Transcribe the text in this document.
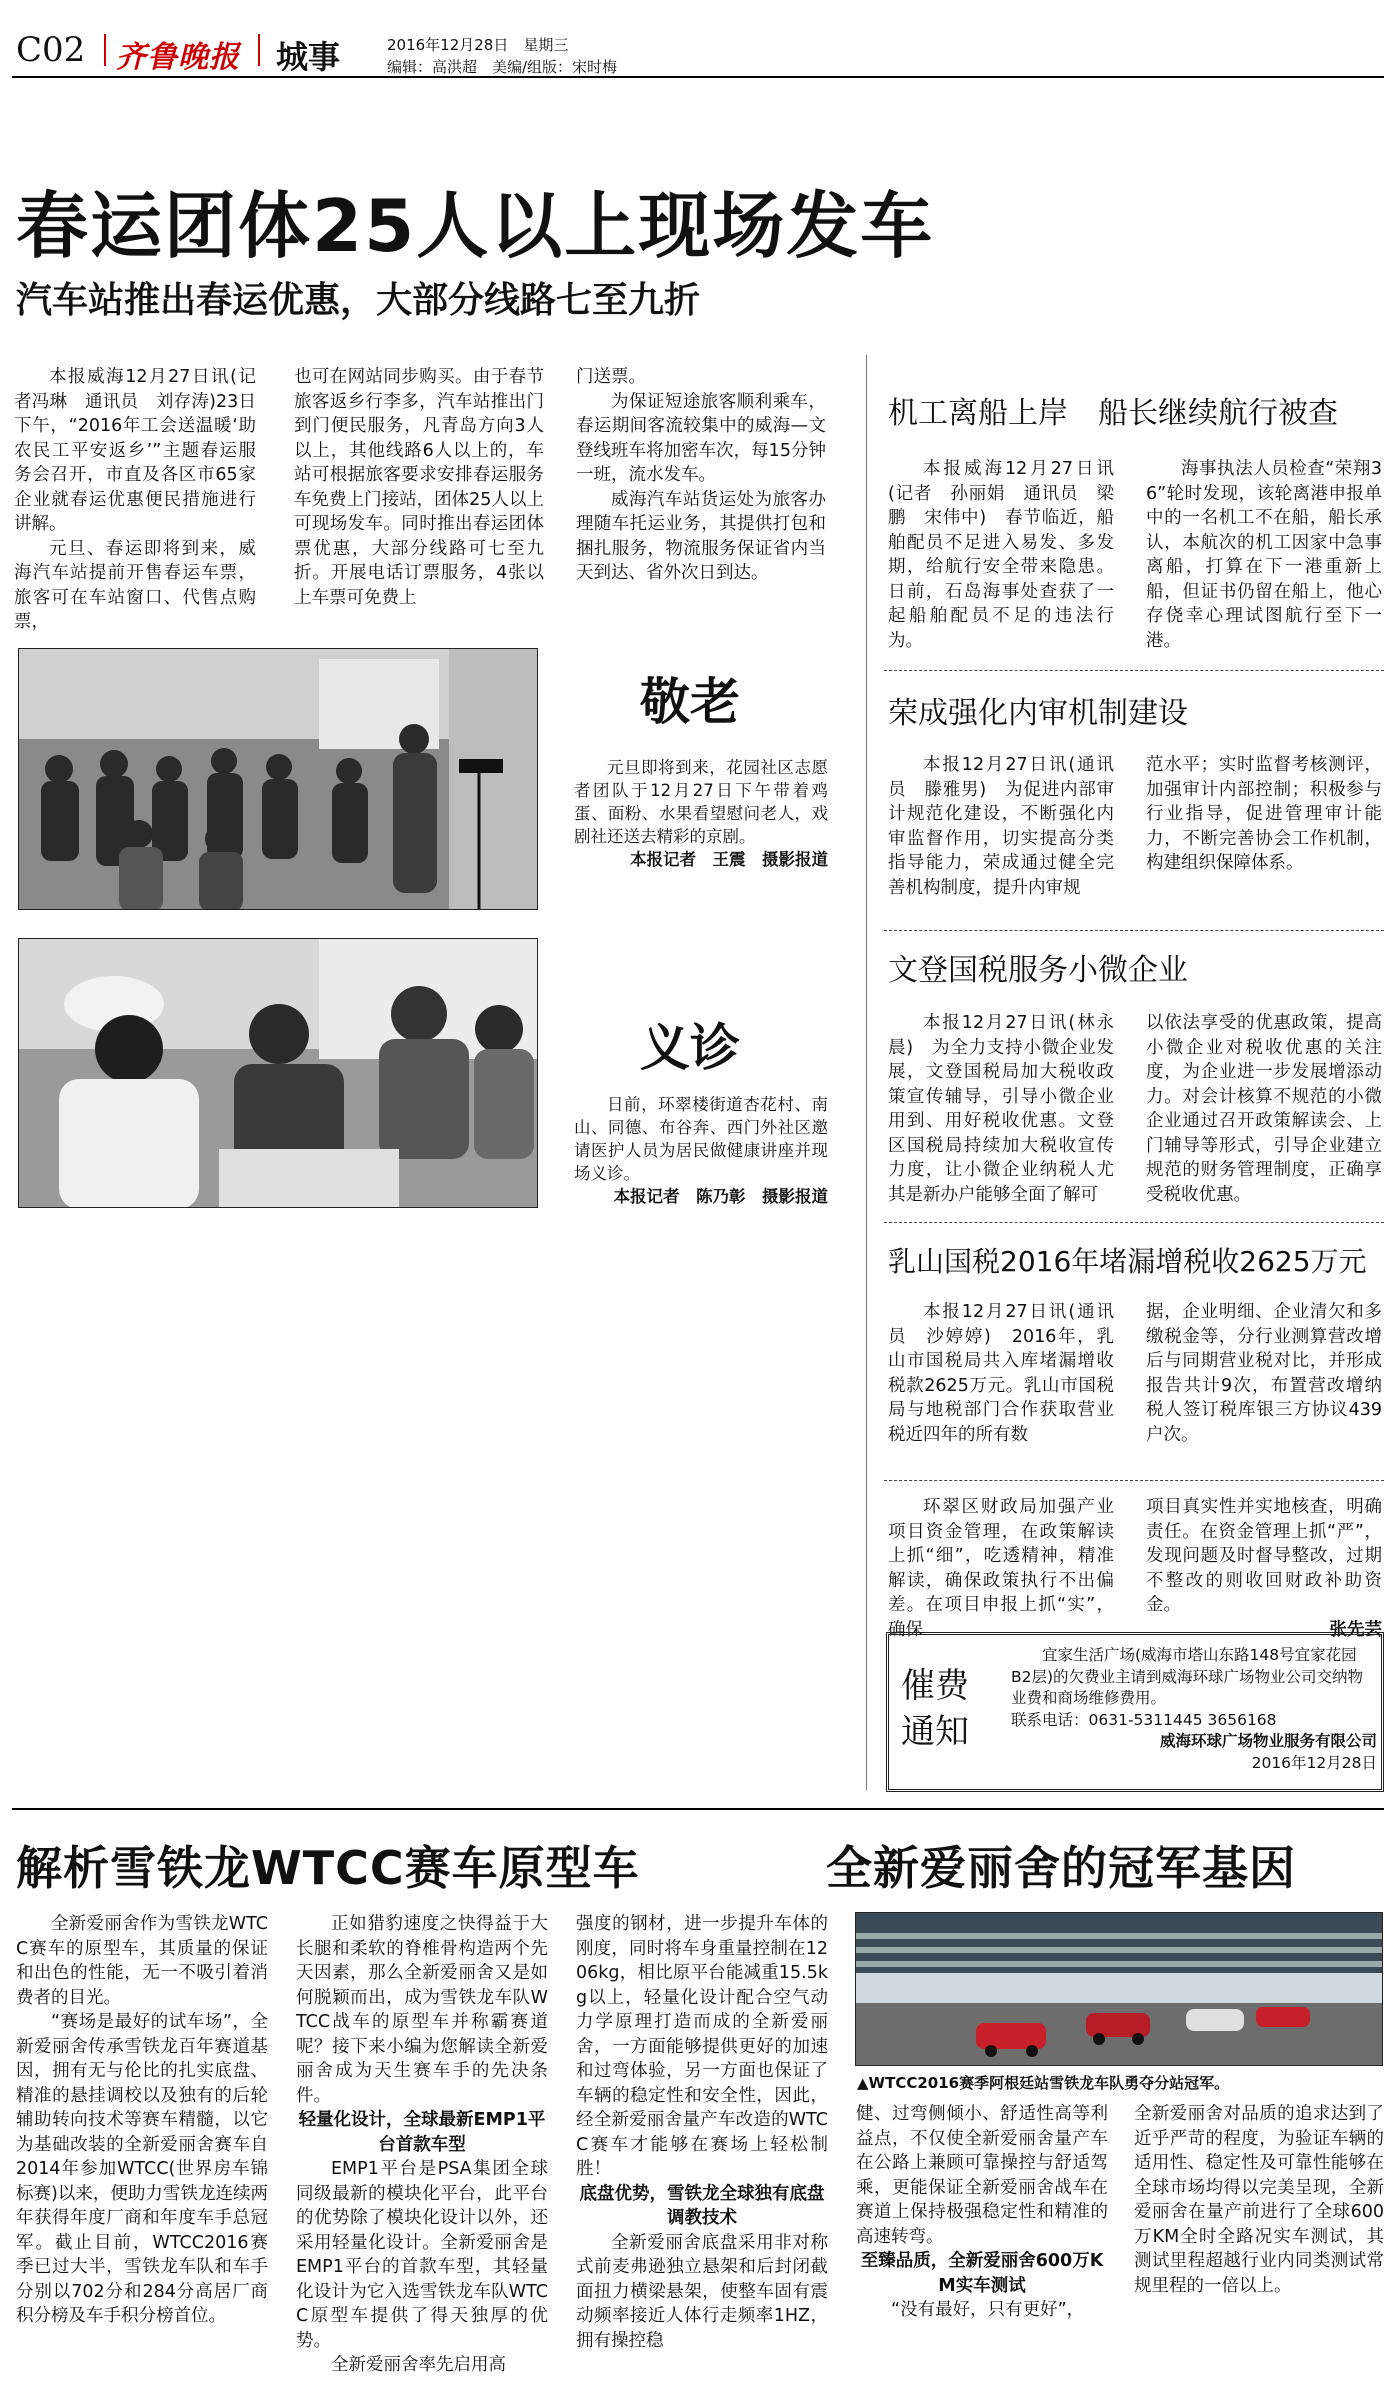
C02 齐鲁晚报 城事	2016年12月28日　星期三
编辑：高洪超　美编/组版：宋时梅
春运团体25人以上现场发车
汽车站推出春运优惠，大部分线路七至九折

本报威海12月27日讯(记者冯琳　通讯员　刘存涛)23日下午，“2016年工会送温暖‘助农民工平安返乡’”主题春运服务会召开，市直及各区市65家企业就春运优惠便民措施进行讲解。

元旦、春运即将到来，威海汽车站提前开售春运车票，旅客可在车站窗口、代售点购票，

也可在网站同步购买。由于春节旅客返乡行李多，汽车站推出门到门便民服务，凡青岛方向3人以上，其他线路6人以上的，车站可根据旅客要求安排春运服务车免费上门接站，团体25人以上可现场发车。同时推出春运团体票优惠，大部分线路可七至九折。开展电话订票服务，4张以上车票可免费上

门送票。

为保证短途旅客顺利乘车，春运期间客流较集中的威海—文登线班车将加密车次，每15分钟一班，流水发车。

威海汽车站货运处为旅客办理随车托运业务，其提供打包和捆扎服务，物流服务保证省内当天到达、省外次日到达。

敬老

元旦即将到来，花园社区志愿者团队于12月27日下午带着鸡蛋、面粉、水果看望慰问老人，戏剧社还送去精彩的京剧。

本报记者　王震　摄影报道

义诊

日前，环翠楼街道杏花村、南山、同德、布谷奔、西门外社区邀请医护人员为居民做健康讲座并现场义诊。

本报记者　陈乃彰　摄影报道

机工离船上岸　船长继续航行被查

本报威海12月27日讯(记者　孙丽娟　通讯员　梁鹏　宋伟中)　春节临近，船舶配员不足进入易发、多发期，给航行安全带来隐患。日前，石岛海事处查获了一起船舶配员不足的违法行为。

海事执法人员检查“荣翔36”轮时发现，该轮离港申报单中的一名机工不在船，船长承认，本航次的机工因家中急事离船，打算在下一港重新上船，但证书仍留在船上，他心存侥幸心理试图航行至下一港。

荣成强化内审机制建设

本报12月27日讯(通讯员　滕雅男)　为促进内部审计规范化建设，不断强化内审监督作用，切实提高分类指导能力，荣成通过健全完善机构制度，提升内审规

范水平；实时监督考核测评，加强审计内部控制；积极参与行业指导，促进管理审计能力，不断完善协会工作机制，构建组织保障体系。

文登国税服务小微企业

本报12月27日讯(林永晨)　为全力支持小微企业发展，文登国税局加大税收政策宣传辅导，引导小微企业用到、用好税收优惠。文登区国税局持续加大税收宣传力度，让小微企业纳税人尤其是新办户能够全面了解可

以依法享受的优惠政策，提高小微企业对税收优惠的关注度，为企业进一步发展增添动力。对会计核算不规范的小微企业通过召开政策解读会、上门辅导等形式，引导企业建立规范的财务管理制度，正确享受税收优惠。

乳山国税2016年堵漏增税收2625万元

本报12月27日讯(通讯员　沙婷婷)　2016年，乳山市国税局共入库堵漏增收税款2625万元。乳山市国税局与地税部门合作获取营业税近四年的所有数

据，企业明细、企业清欠和多缴税金等，分行业测算营改增后与同期营业税对比，并形成报告共计9次，布置营改增纳税人签订税库银三方协议439户次。

环翠区财政局加强产业项目资金管理，在政策解读上抓“细”，吃透精神，精准解读，确保政策执行不出偏差。在项目申报上抓“实”，确保

项目真实性并实地核查，明确责任。在资金管理上抓“严”，发现问题及时督导整改，过期不整改的则收回财政补助资金。

张先芸

催费
通知
宜家生活广场(威海市塔山东路148号宜家花园B2层)的欠费业主请到威海环球广场物业公司交纳物业费和商场维修费用。
联系电话：0631-5311445 3656168
威海环球广场物业服务有限公司
2016年12月28日
解析雪铁龙WTCC赛车原型车	全新爱丽舍的冠军基因

全新爱丽舍作为雪铁龙WTCC赛车的原型车，其质量的保证和出色的性能，无一不吸引着消费者的目光。

“赛场是最好的试车场”，全新爱丽舍传承雪铁龙百年赛道基因，拥有无与伦比的扎实底盘、精准的悬挂调校以及独有的后轮辅助转向技术等赛车精髓，以它为基础改装的全新爱丽舍赛车自2014年参加WTCC(世界房车锦标赛)以来，便助力雪铁龙连续两年获得年度厂商和年度车手总冠军。截止目前，WTCC2016赛季已过大半，雪铁龙车队和车手分别以702分和284分高居厂商积分榜及车手积分榜首位。

正如猎豹速度之快得益于大长腿和柔软的脊椎骨构造两个先天因素，那么全新爱丽舍又是如何脱颖而出，成为雪铁龙车队WTCC战车的原型车并称霸赛道呢？接下来小编为您解读全新爱丽舍成为天生赛车手的先决条件。

轻量化设计，全球最新EMP1平台首款车型

EMP1平台是PSA集团全球同级最新的模块化平台，此平台的优势除了模块化设计以外，还采用轻量化设计。全新爱丽舍是EMP1平台的首款车型，其轻量化设计为它入选雪铁龙车队WTCC原型车提供了得天独厚的优势。

全新爱丽舍率先启用高

强度的钢材，进一步提升车体的刚度，同时将车身重量控制在1206kg，相比原平台能减重15.5kg以上，轻量化设计配合空气动力学原理打造而成的全新爱丽舍，一方面能够提供更好的加速和过弯体验，另一方面也保证了车辆的稳定性和安全性，因此，经全新爱丽舍量产车改造的WTCC赛车才能够在赛场上轻松制胜！

底盘优势，雪铁龙全球独有底盘调教技术

全新爱丽舍底盘采用非对称式前麦弗逊独立悬架和后封闭截面扭力横梁悬架，使整车固有震动频率接近人体行走频率1HZ，拥有操控稳

▲WTCC2016赛季阿根廷站雪铁龙车队勇夺分站冠军。

健、过弯侧倾小、舒适性高等利益点，不仅使全新爱丽舍量产车在公路上兼顾可靠操控与舒适驾乘，更能保证全新爱丽舍战车在赛道上保持极强稳定性和精准的高速转弯。

至臻品质，全新爱丽舍600万KM实车测试

“没有最好，只有更好”，

全新爱丽舍对品质的追求达到了近乎严苛的程度，为验证车辆的适用性、稳定性及可靠性能够在全球市场均得以完美呈现，全新爱丽舍在量产前进行了全球600万KM全时全路况实车测试，其测试里程超越行业内同类测试常规里程的一倍以上。
